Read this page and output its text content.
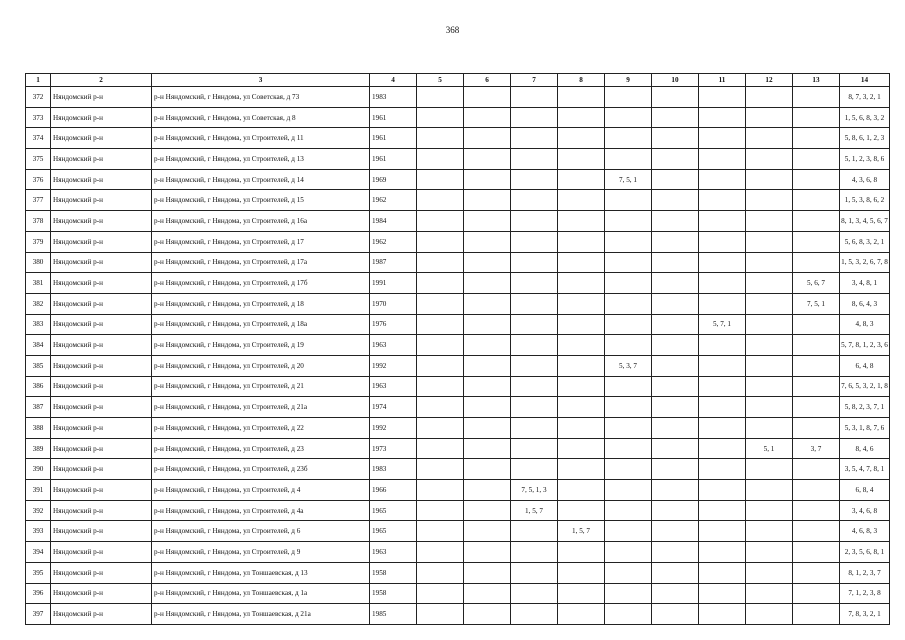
368
1	2	3	4	5	6	7	8	9	10	11	12	13	14
372	Няндомский р-н	р-н Няндомский, г Няндома, ул Советская, д 73	1983										8, 7, 3, 2, 1
373	Няндомский р-н	р-н Няндомский, г Няндома, ул Советская, д 8	1961										1, 5, 6, 8, 3, 2
374	Няндомский р-н	р-н Няндомский, г Няндома, ул Строителей, д 11	1961										5, 8, 6, 1, 2, 3
375	Няндомский р-н	р-н Няндомский, г Няндома, ул Строителей, д 13	1961										5, 1, 2, 3, 8, 6
376	Няндомский р-н	р-н Няндомский, г Няндома, ул Строителей, д 14	1969					7, 5, 1					4, 3, 6, 8
377	Няндомский р-н	р-н Няндомский, г Няндома, ул Строителей, д 15	1962										1, 5, 3, 8, 6, 2
378	Няндомский р-н	р-н Няндомский, г Няндома, ул Строителей, д 16а	1984										8, 1, 3, 4, 5, 6, 7
379	Няндомский р-н	р-н Няндомский, г Няндома, ул Строителей, д 17	1962										5, 6, 8, 3, 2, 1
380	Няндомский р-н	р-н Няндомский, г Няндома, ул Строителей, д 17а	1987										1, 5, 3, 2, 6, 7, 8
381	Няндомский р-н	р-н Няндомский, г Няндома, ул Строителей, д 17б	1991									5, 6, 7	3, 4, 8, 1
382	Няндомский р-н	р-н Няндомский, г Няндома, ул Строителей, д 18	1970									7, 5, 1	8, 6, 4, 3
383	Няндомский р-н	р-н Няндомский, г Няндома, ул Строителей, д 18а	1976							5, 7, 1			4, 8, 3
384	Няндомский р-н	р-н Няндомский, г Няндома, ул Строителей, д 19	1963										5, 7, 8, 1, 2, 3, 6
385	Няндомский р-н	р-н Няндомский, г Няндома, ул Строителей, д 20	1992					5, 3, 7					6, 4, 8
386	Няндомский р-н	р-н Няндомский, г Няндома, ул Строителей, д 21	1963										7, 6, 5, 3, 2, 1, 8
387	Няндомский р-н	р-н Няндомский, г Няндома, ул Строителей, д 21а	1974										5, 8, 2, 3, 7, 1
388	Няндомский р-н	р-н Няндомский, г Няндома, ул Строителей, д 22	1992										5, 3, 1, 8, 7, 6
389	Няндомский р-н	р-н Няндомский, г Няндома, ул Строителей, д 23	1973								5, 1	3, 7	8, 4, 6
390	Няндомский р-н	р-н Няндомский, г Няндома, ул Строителей, д 23б	1983										3, 5, 4, 7, 8, 1
391	Няндомский р-н	р-н Няндомский, г Няндома, ул Строителей, д 4	1966			7, 5, 1, 3							6, 8, 4
392	Няндомский р-н	р-н Няндомский, г Няндома, ул Строителей, д 4а	1965			1, 5, 7							3, 4, 6, 8
393	Няндомский р-н	р-н Няндомский, г Няндома, ул Строителей, д 6	1965				1, 5, 7						4, 6, 8, 3
394	Няндомский р-н	р-н Няндомский, г Няндома, ул Строителей, д 9	1963										2, 3, 5, 6, 8, 1
395	Няндомский р-н	р-н Няндомский, г Няндома, ул Тоншаевская, д 13	1958										8, 1, 2, 3, 7
396	Няндомский р-н	р-н Няндомский, г Няндома, ул Тоншаевская, д 1а	1958										7, 1, 2, 3, 8
397	Няндомский р-н	р-н Няндомский, г Няндома, ул Тоншаевская, д 21а	1985										7, 8, 3, 2, 1
